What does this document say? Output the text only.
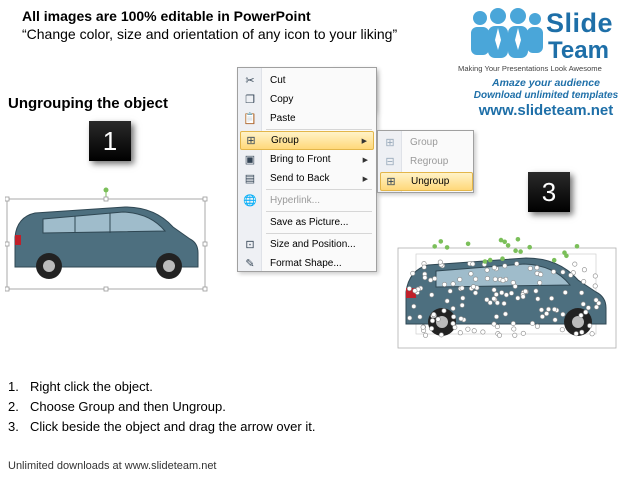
All images are 100% editable in PowerPoint
“Change color, size and orientation of any icon to your liking”
Ungrouping the object
Slide
Team
Making Your Presentations Look Awesome
Amaze your audience
Download unlimited templates
www.slideteam.net
1
3
✂	Cut
❐	Copy
📋	Paste
⊞	Group	▶
▣	Bring to Front	▶
▤	Send to Back	▶
🌐	Hyperlink...
Save as Picture...
⊡	Size and Position...
✎	Format Shape...
⊞	Group
⊟	Regroup
⊞	Ungroup
1. Right click the object.
2. Choose Group and then Ungroup.
3. Click beside the object and drag the arrow over it.
Unlimited downloads at www.slideteam.net
